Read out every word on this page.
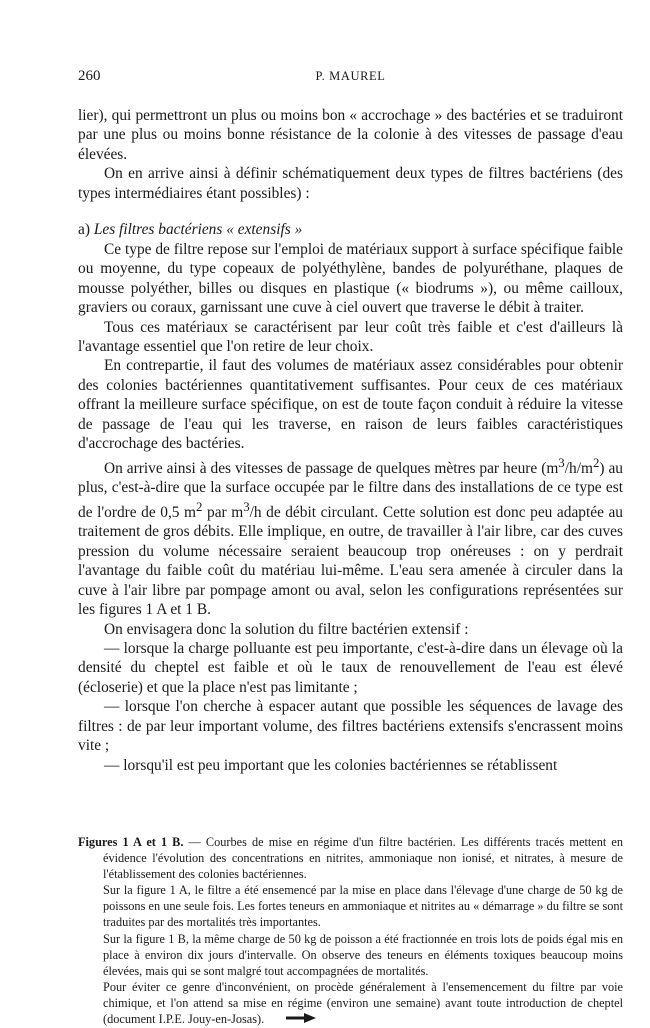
260	P. MAUREL

lier), qui permettront un plus ou moins bon « accrochage » des bactéries et se traduiront par une plus ou moins bonne résistance de la colonie à des vitesses de passage d'eau élevées.

On en arrive ainsi à définir schématiquement deux types de filtres bactériens (des types intermédiaires étant possibles) :

a) Les filtres bactériens « extensifs »

Ce type de filtre repose sur l'emploi de matériaux support à surface spécifique faible ou moyenne, du type copeaux de polyéthylène, bandes de polyuréthane, plaques de mousse polyéther, billes ou disques en plastique (« biodrums »), ou même cailloux, graviers ou coraux, garnissant une cuve à ciel ouvert que traverse le débit à traiter.

Tous ces matériaux se caractérisent par leur coût très faible et c'est d'ailleurs là l'avantage essentiel que l'on retire de leur choix.

En contrepartie, il faut des volumes de matériaux assez considérables pour obtenir des colonies bactériennes quantitativement suffisantes. Pour ceux de ces matériaux offrant la meilleure surface spécifique, on est de toute façon conduit à réduire la vitesse de passage de l'eau qui les traverse, en raison de leurs faibles caractéristiques d'accrochage des bactéries.

On arrive ainsi à des vitesses de passage de quelques mètres par heure $(m^3/h/m^2)$ au plus, c'est-à-dire que la surface occupée par le filtre dans des installations de ce type est de l'ordre de 0,5 $m^2$ par $m^3/h$ de débit circulant. Cette solution est donc peu adaptée au traitement de gros débits. Elle implique, en outre, de travailler à l'air libre, car des cuves pression du volume nécessaire seraient beaucoup trop onéreuses : on y perdrait l'avantage du faible coût du matériau lui-même. L'eau sera amenée à circuler dans la cuve à l'air libre par pompage amont ou aval, selon les configurations représentées sur les figures 1 A et 1 B.

On envisagera donc la solution du filtre bactérien extensif :

— lorsque la charge polluante est peu importante, c'est-à-dire dans un élevage où la densité du cheptel est faible et où le taux de renouvellement de l'eau est élevé (écloserie) et que la place n'est pas limitante ;

— lorsque l'on cherche à espacer autant que possible les séquences de lavage des filtres : de par leur important volume, des filtres bactériens extensifs s'encrassent moins vite ;

— lorsqu'il est peu important que les colonies bactériennes se rétablissent

Figures 1 A et 1 B. — Courbes de mise en régime d'un filtre bactérien. Les différents tracés mettent en évidence l'évolution des concentrations en nitrites, ammoniaque non ionisé, et nitrates, à mesure de l'établissement des colonies bactériennes.

Sur la figure 1 A, le filtre a été ensemencé par la mise en place dans l'élevage d'une charge de 50 kg de poissons en une seule fois. Les fortes teneurs en ammoniaque et nitrites au « démarrage » du filtre se sont traduites par des mortalités très importantes.

Sur la figure 1 B, la même charge de 50 kg de poisson a été fractionnée en trois lots de poids égal mis en place à environ dix jours d'intervalle. On observe des teneurs en éléments toxiques beaucoup moins élevées, mais qui se sont malgré tout accompagnées de mortalités.

Pour éviter ce genre d'inconvénient, on procède généralement à l'ensemencement du filtre par voie chimique, et l'on attend sa mise en régime (environ une semaine) avant toute introduction de cheptel (document I.P.E. Jouy-en-Josas).
